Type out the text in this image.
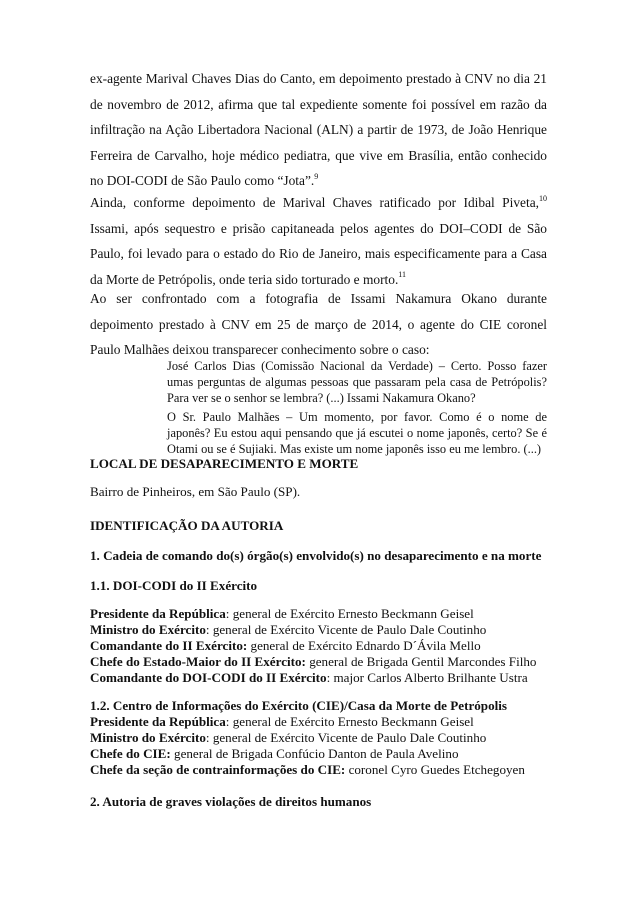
ex-agente Marival Chaves Dias do Canto, em depoimento prestado à CNV no dia 21 de novembro de 2012, afirma que tal expediente somente foi possível em razão da infiltração na Ação Libertadora Nacional (ALN) a partir de 1973, de João Henrique Ferreira de Carvalho, hoje médico pediatra, que vive em Brasília, então conhecido no DOI-CODI de São Paulo como “Jota”.$^9$

Ainda, conforme depoimento de Marival Chaves ratificado por Idibal Piveta,$^{10}$ Issami, após sequestro e prisão capitaneada pelos agentes do DOI–CODI de São Paulo, foi levado para o estado do Rio de Janeiro, mais especificamente para a Casa da Morte de Petrópolis, onde teria sido torturado e morto.$^{11}$

Ao ser confrontado com a fotografia de Issami Nakamura Okano durante depoimento prestado à CNV em 25 de março de 2014, o agente do CIE coronel Paulo Malhães deixou transparecer conhecimento sobre o caso:

José Carlos Dias (Comissão Nacional da Verdade) – Certo. Posso fazer umas perguntas de algumas pessoas que passaram pela casa de Petrópolis? Para ver se o senhor se lembra? (...) Issami Nakamura Okano?

O Sr. Paulo Malhães – Um momento, por favor. Como é o nome de japonês? Eu estou aqui pensando que já escutei o nome japonês, certo? Se é Otami ou se é Sujiaki. Mas existe um nome japonês isso eu me lembro. (...)

LOCAL DE DESAPARECIMENTO E MORTE

Bairro de Pinheiros, em São Paulo (SP).

IDENTIFICAÇÃO DA AUTORIA

1. Cadeia de comando do(s) órgão(s) envolvido(s) no desaparecimento e na morte

1.1. DOI-CODI do II Exército

Presidente da República: general de Exército Ernesto Beckmann Geisel

Ministro do Exército: general de Exército Vicente de Paulo Dale Coutinho

Comandante do II Exército: general de Exército Ednardo D´Ávila Mello

Chefe do Estado-Maior do II Exército: general de Brigada Gentil Marcondes Filho

Comandante do DOI-CODI do II Exército: major Carlos Alberto Brilhante Ustra

1.2. Centro de Informações do Exército (CIE)/Casa da Morte de Petrópolis

Presidente da República: general de Exército Ernesto Beckmann Geisel

Ministro do Exército: general de Exército Vicente de Paulo Dale Coutinho

Chefe do CIE: general de Brigada Confúcio Danton de Paula Avelino

Chefe da seção de contrainformações do CIE: coronel Cyro Guedes Etchegoyen

2. Autoria de graves violações de direitos humanos
